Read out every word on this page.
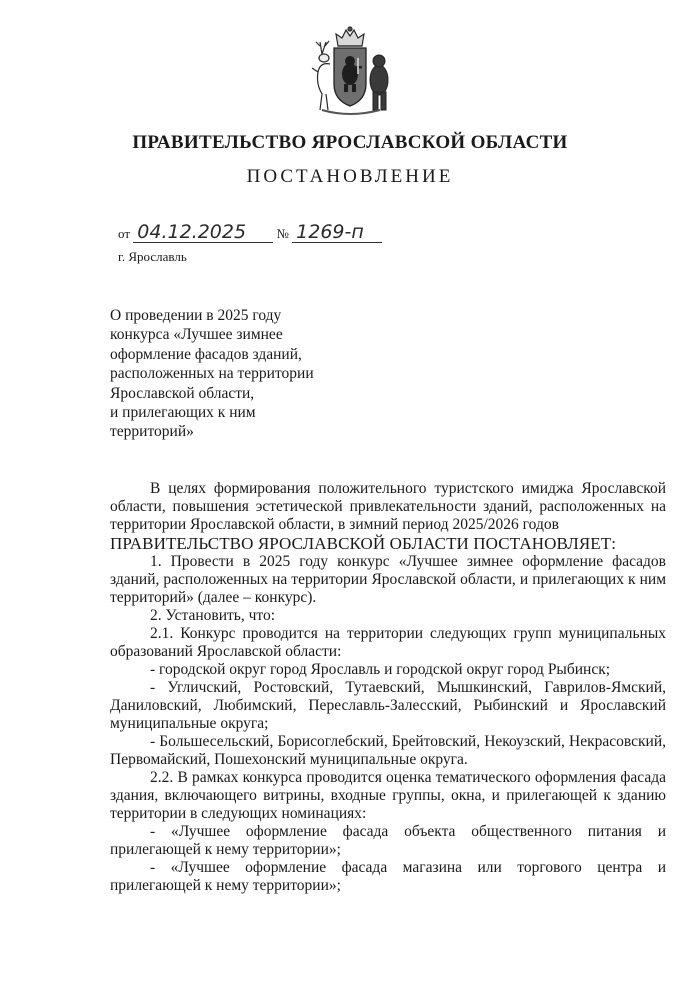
ПРАВИТЕЛЬСТВО ЯРОСЛАВСКОЙ ОБЛАСТИ
ПОСТАНОВЛЕНИЕ
от 04.12.2025 № 1269-п
г. Ярославль
О проведении в 2025 году
конкурса «Лучшее зимнее
оформление фасадов зданий,
расположенных на территории
Ярославской области,
и прилегающих к ним
территорий»

В целях формирования положительного туристского имиджа Ярославской области, повышения эстетической привлекательности зданий, расположенных на территории Ярославской области, в зимний период 2025/2026 годов

ПРАВИТЕЛЬСТВО ЯРОСЛАВСКОЙ ОБЛАСТИ ПОСТАНОВЛЯЕТ:

1. Провести в 2025 году конкурс «Лучшее зимнее оформление фасадов зданий, расположенных на территории Ярославской области, и прилегающих к ним территорий» (далее – конкурс).

2. Установить, что:

2.1. Конкурс проводится на территории следующих групп муниципальных образований Ярославской области:

- городской округ город Ярославль и городской округ город Рыбинск;

- Угличский, Ростовский, Тутаевский, Мышкинский, Гаврилов-Ямский, Даниловский, Любимский, Переславль-Залесский, Рыбинский и Ярославский муниципальные округа;

- Большесельский, Борисоглебский, Брейтовский, Некоузский, Некрасовский, Первомайский, Пошехонский муниципальные округа.

2.2. В рамках конкурса проводится оценка тематического оформления фасада здания, включающего витрины, входные группы, окна, и прилегающей к зданию территории в следующих номинациях:

- «Лучшее оформление фасада объекта общественного питания и прилегающей к нему территории»;

- «Лучшее оформление фасада магазина или торгового центра и прилегающей к нему территории»;
